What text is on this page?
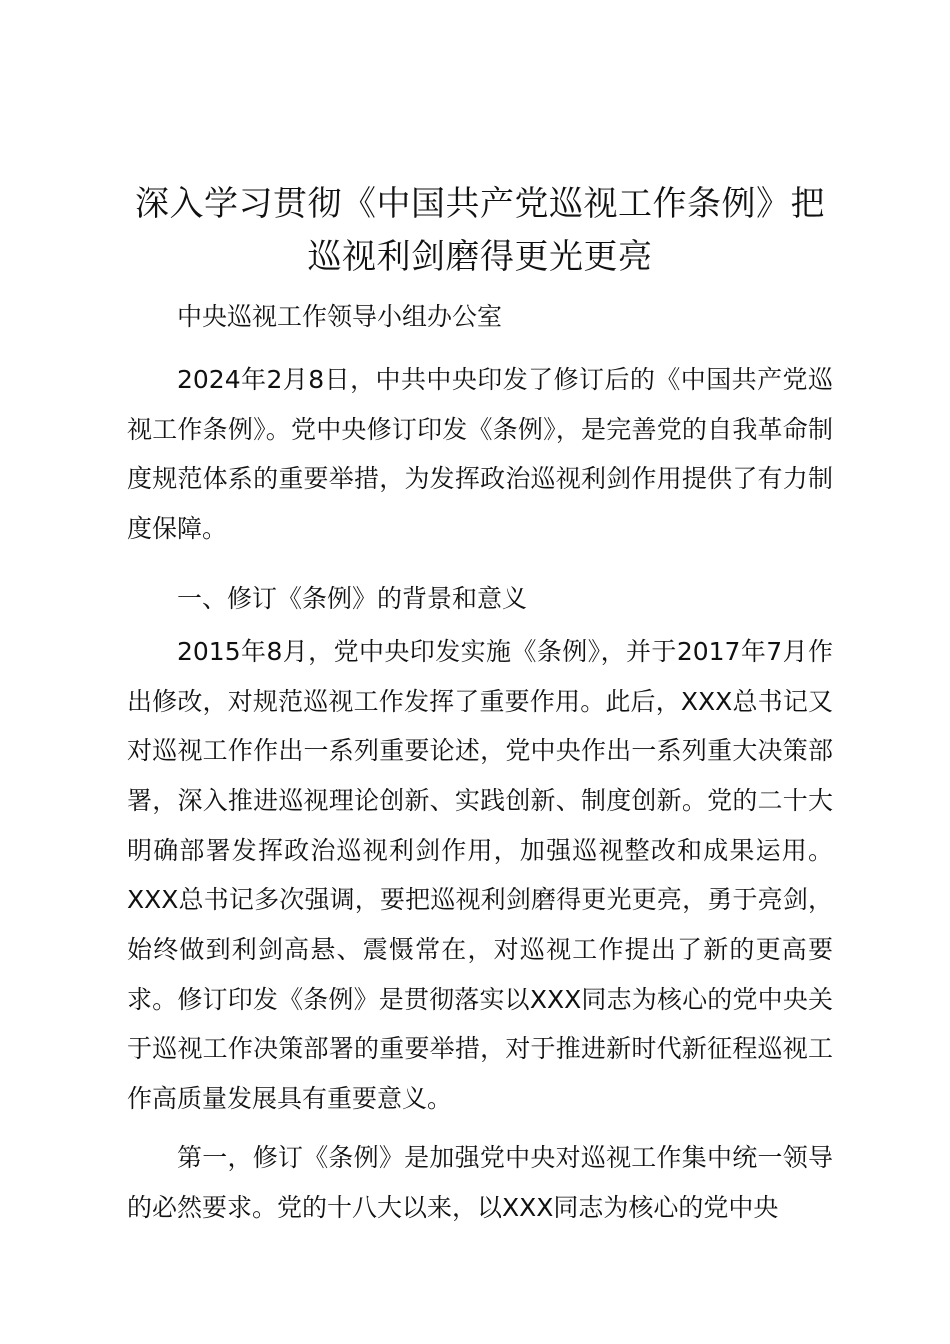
深入学习贯彻《中国共产党巡视工作条例》把巡视利剑磨得更光更亮

中央巡视工作领导小组办公室

2024年2月8日，中共中央印发了修订后的《中国共产党巡视工作条例》。党中央修订印发《条例》，是完善党的自我革命制度规范体系的重要举措，为发挥政治巡视利剑作用提供了有力制度保障。

一、修订《条例》的背景和意义

2015年8月，党中央印发实施《条例》，并于2017年7月作出修改，对规范巡视工作发挥了重要作用。此后，XXX总书记又对巡视工作作出一系列重要论述，党中央作出一系列重大决策部署，深入推进巡视理论创新、实践创新、制度创新。党的二十大明确部署发挥政治巡视利剑作用，加强巡视整改和成果运用。XXX总书记多次强调，要把巡视利剑磨得更光更亮，勇于亮剑，始终做到利剑高悬、震慑常在，对巡视工作提出了新的更高要求。修订印发《条例》是贯彻落实以XXX同志为核心的党中央关于巡视工作决策部署的重要举措，对于推进新时代新征程巡视工作高质量发展具有重要意义。

第一，修订《条例》是加强党中央对巡视工作集中统一领导的必然要求。党的十八大以来，以XXX同志为核心的党中央
